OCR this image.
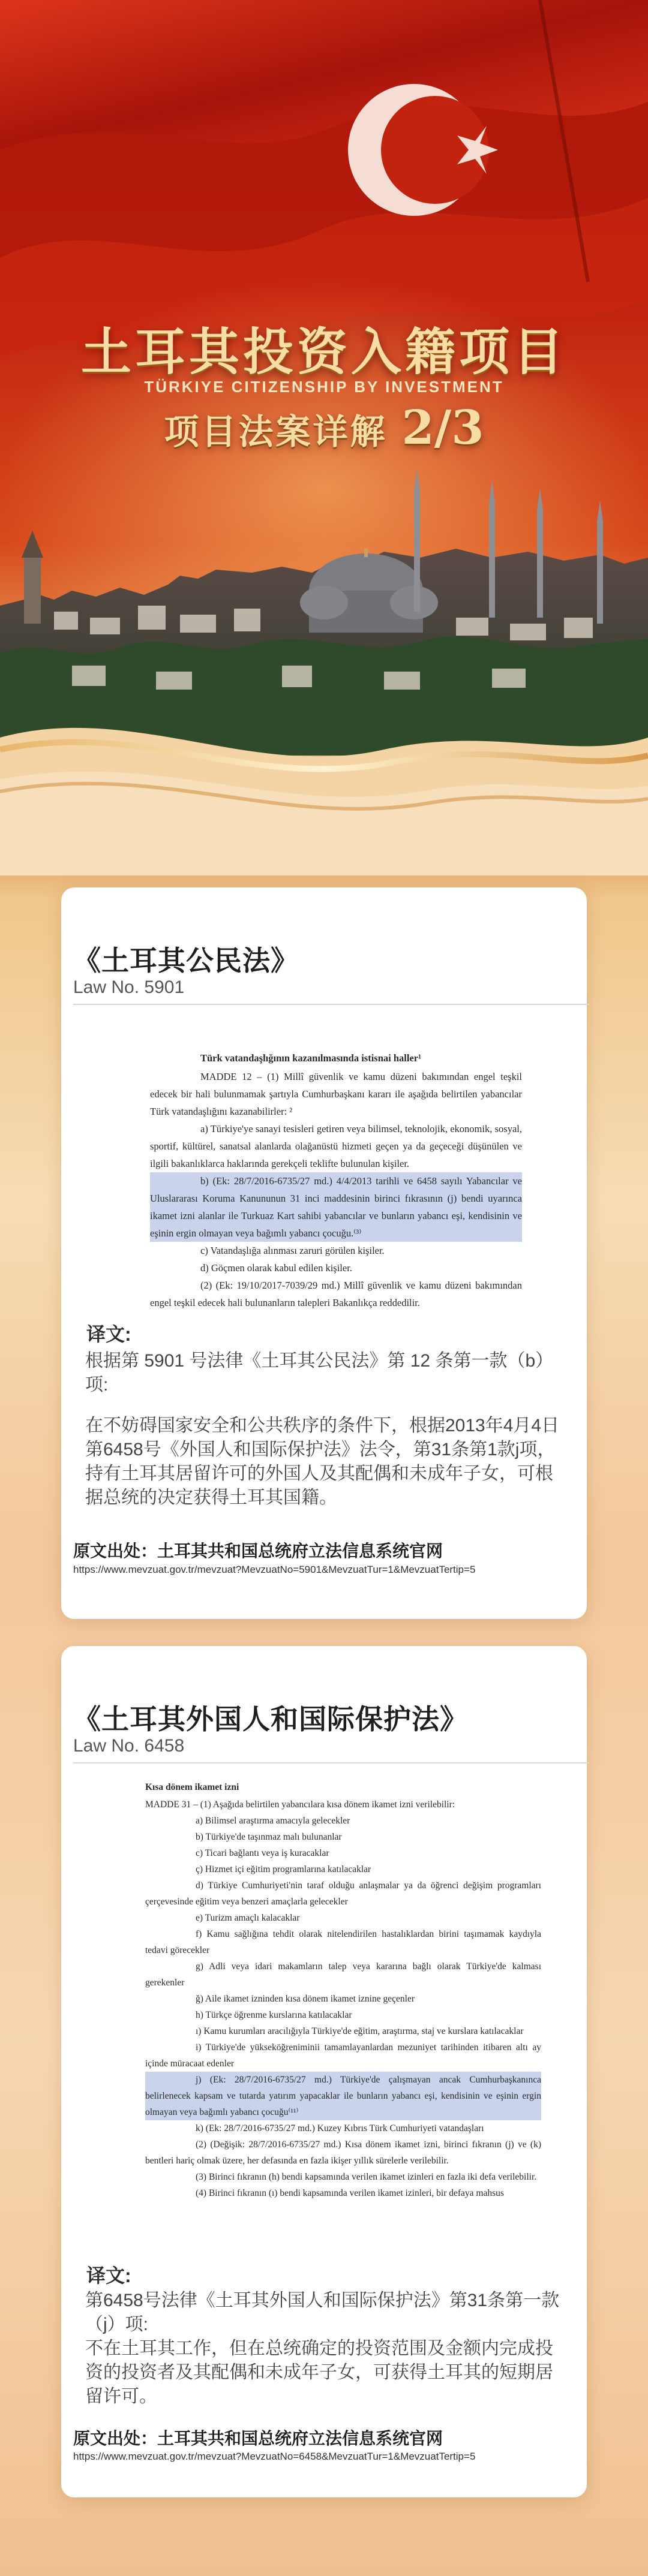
土耳其投资入籍项目
TÜRKIYE CITIZENSHIP BY INVESTMENT
项目法案详解 2/3
《土耳其公民法》
Law No. 5901

Türk vatandaşlığının kazanılmasında istisnai haller¹

MADDE 12 – (1) Millî güvenlik ve kamu düzeni bakımından engel teşkil edecek bir hali bulunmamak şartıyla Cumhurbaşkanı kararı ile aşağıda belirtilen yabancılar Türk vatandaşlığını kazanabilirler: ²

a) Türkiye'ye sanayi tesisleri getiren veya bilimsel, teknolojik, ekonomik, sosyal, sportif, kültürel, sanatsal alanlarda olağanüstü hizmeti geçen ya da geçeceği düşünülen ve ilgili bakanlıklarca haklarında gerekçeli teklifte bulunulan kişiler.

b) (Ek: 28/7/2016-6735/27 md.) 4/4/2013 tarihli ve 6458 sayılı Yabancılar ve Uluslararası Koruma Kanununun 31 inci maddesinin birinci fıkrasının (j) bendi uyarınca ikamet izni alanlar ile Turkuaz Kart sahibi yabancılar ve bunların yabancı eşi, kendisinin ve eşinin ergin olmayan veya bağımlı yabancı çocuğu.⁽³⁾

c) Vatandaşlığa alınması zaruri görülen kişiler.

d) Göçmen olarak kabul edilen kişiler.

(2) (Ek: 19/10/2017-7039/29 md.) Millî güvenlik ve kamu düzeni bakımından engel teşkil edecek hali bulunanların talepleri Bakanlıkça reddedilir.

译文:
根据第 5901 号法律《土耳其公民法》第 12 条第一款（b）项:
在不妨碍国家安全和公共秩序的条件下，根据2013年4月4日第6458号《外国人和国际保护法》法令，第31条第1款j项，持有土耳其居留许可的外国人及其配偶和未成年子女，可根据总统的决定获得土耳其国籍。
原文出处：土耳其共和国总统府立法信息系统官网
https://www.mevzuat.gov.tr/mevzuat?MevzuatNo=5901&MevzuatTur=1&MevzuatTertip=5
《土耳其外国人和国际保护法》
Law No. 6458

Kısa dönem ikamet izni

MADDE 31 – (1) Aşağıda belirtilen yabancılara kısa dönem ikamet izni verilebilir:

a) Bilimsel araştırma amacıyla gelecekler

b) Türkiye'de taşınmaz malı bulunanlar

c) Ticari bağlantı veya iş kuracaklar

ç) Hizmet içi eğitim programlarına katılacaklar

d) Türkiye Cumhuriyeti'nin taraf olduğu anlaşmalar ya da öğrenci değişim programları çerçevesinde eğitim veya benzeri amaçlarla gelecekler

e) Turizm amaçlı kalacaklar

f) Kamu sağlığına tehdit olarak nitelendirilen hastalıklardan birini taşımamak kaydıyla tedavi görecekler

g) Adli veya idari makamların talep veya kararına bağlı olarak Türkiye'de kalması gerekenler

ğ) Aile ikamet izninden kısa dönem ikamet iznine geçenler

h) Türkçe öğrenme kurslarına katılacaklar

ı) Kamu kurumları aracılığıyla Türkiye'de eğitim, araştırma, staj ve kurslara katılacaklar

i) Türkiye'de yükseköğreniminii tamamlayanlardan mezuniyet tarihinden itibaren altı ay içinde müracaat edenler

j) (Ek: 28/7/2016-6735/27 md.) Türkiye'de çalışmayan ancak Cumhurbaşkanınca belirlenecek kapsam ve tutarda yatırım yapacaklar ile bunların yabancı eşi, kendisinin ve eşinin ergin olmayan veya bağımlı yabancı çocuğu⁽¹¹⁾

k) (Ek: 28/7/2016-6735/27 md.) Kuzey Kıbrıs Türk Cumhuriyeti vatandaşları

(2) (Değişik: 28/7/2016-6735/27 md.) Kısa dönem ikamet izni, birinci fıkranın (j) ve (k) bentleri hariç olmak üzere, her defasında en fazla ikişer yıllık sürelerle verilebilir.

(3) Birinci fıkranın (h) bendi kapsamında verilen ikamet izinleri en fazla iki defa verilebilir.

(4) Birinci fıkranın (ı) bendi kapsamında verilen ikamet izinleri, bir defaya mahsus

译文:
第6458号法律《土耳其外国人和国际保护法》第31条第一款（j）项:
不在土耳其工作，但在总统确定的投资范围及金额内完成投资的投资者及其配偶和未成年子女，可获得土耳其的短期居留许可。
原文出处：土耳其共和国总统府立法信息系统官网
https://www.mevzuat.gov.tr/mevzuat?MevzuatNo=6458&MevzuatTur=1&MevzuatTertip=5
